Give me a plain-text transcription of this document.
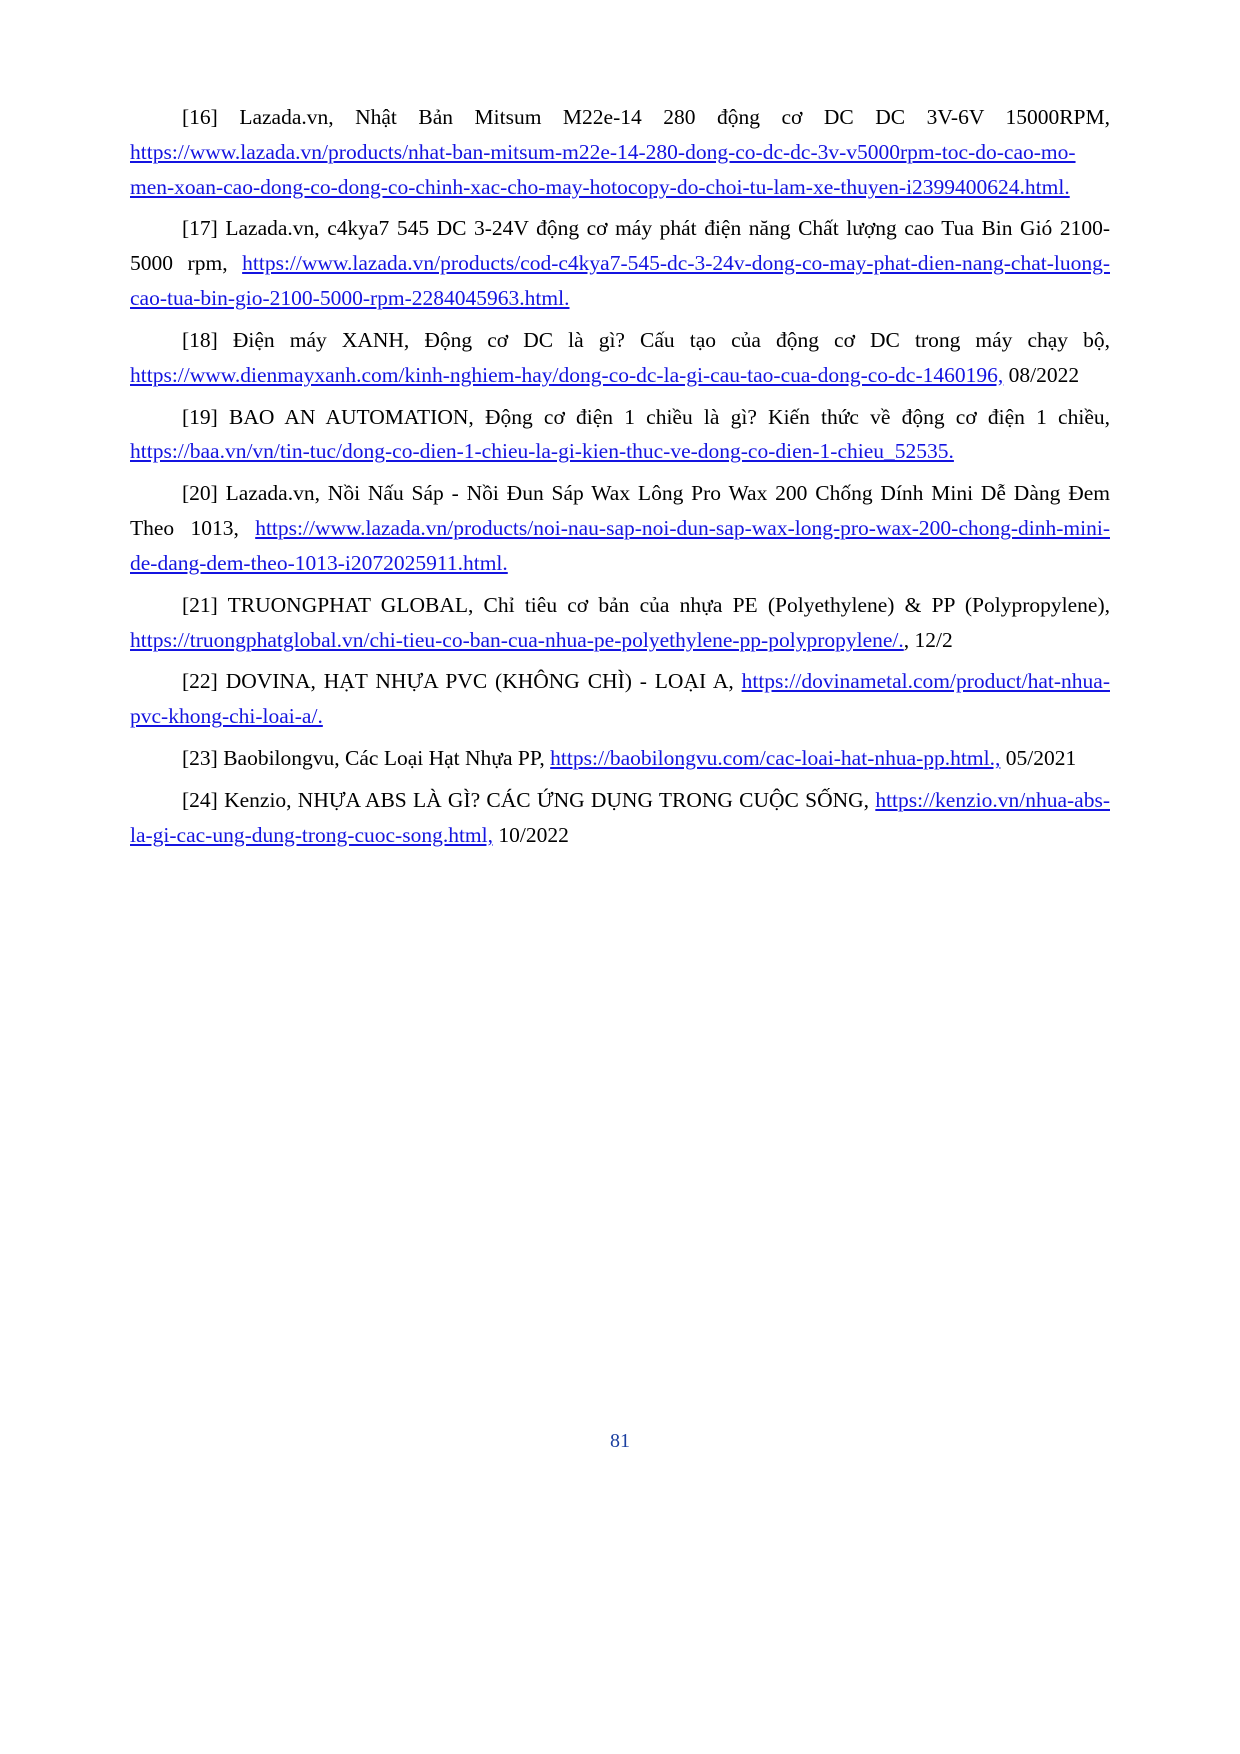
[16] Lazada.vn, Nhật Bản Mitsum M22e-14 280 động cơ DC DC 3V-6V 15000RPM, https://www.lazada.vn/products/nhat-ban-mitsum-m22e-14-280-dong-co-dc-dc-3v-v5000rpm-toc-do-cao-mo-men-xoan-cao-dong-co-dong-co-chinh-xac-cho-may-hotocopy-do-choi-tu-lam-xe-thuyen-i2399400624.html.

[17] Lazada.vn, c4kya7 545 DC 3-24V động cơ máy phát điện năng Chất lượng cao Tua Bin Gió 2100-5000 rpm, https://www.lazada.vn/products/cod-c4kya7-545-dc-3-24v-dong-co-may-phat-dien-nang-chat-luong-cao-tua-bin-gio-2100-5000-rpm-2284045963.html.

[18] Điện máy XANH, Động cơ DC là gì? Cấu tạo của động cơ DC trong máy chạy bộ, https://www.dienmayxanh.com/kinh-nghiem-hay/dong-co-dc-la-gi-cau-tao-cua-dong-co-dc-1460196, 08/2022

[19] BAO AN AUTOMATION, Động cơ điện 1 chiều là gì? Kiến thức về động cơ điện 1 chiều, https://baa.vn/vn/tin-tuc/dong-co-dien-1-chieu-la-gi-kien-thuc-ve-dong-co-dien-1-chieu_52535.

[20] Lazada.vn, Nồi Nấu Sáp - Nồi Đun Sáp Wax Lông Pro Wax 200 Chống Dính Mini Dễ Dàng Đem Theo 1013, https://www.lazada.vn/products/noi-nau-sap-noi-dun-sap-wax-long-pro-wax-200-chong-dinh-mini-de-dang-dem-theo-1013-i2072025911.html.

[21] TRUONGPHAT GLOBAL, Chỉ tiêu cơ bản của nhựa PE (Polyethylene) & PP (Polypropylene), https://truongphatglobal.vn/chi-tieu-co-ban-cua-nhua-pe-polyethylene-pp-polypropylene/., 12/2

[22] DOVINA, HẠT NHỰA PVC (KHÔNG CHÌ) - LOẠI A, https://dovinametal.com/product/hat-nhua-pvc-khong-chi-loai-a/.

[23] Baobilongvu, Các Loại Hạt Nhựa PP, https://baobilongvu.com/cac-loai-hat-nhua-pp.html., 05/2021

[24] Kenzio, NHỰA ABS LÀ GÌ? CÁC ỨNG DỤNG TRONG CUỘC SỐNG, https://kenzio.vn/nhua-abs-la-gi-cac-ung-dung-trong-cuoc-song.html, 10/2022

81
